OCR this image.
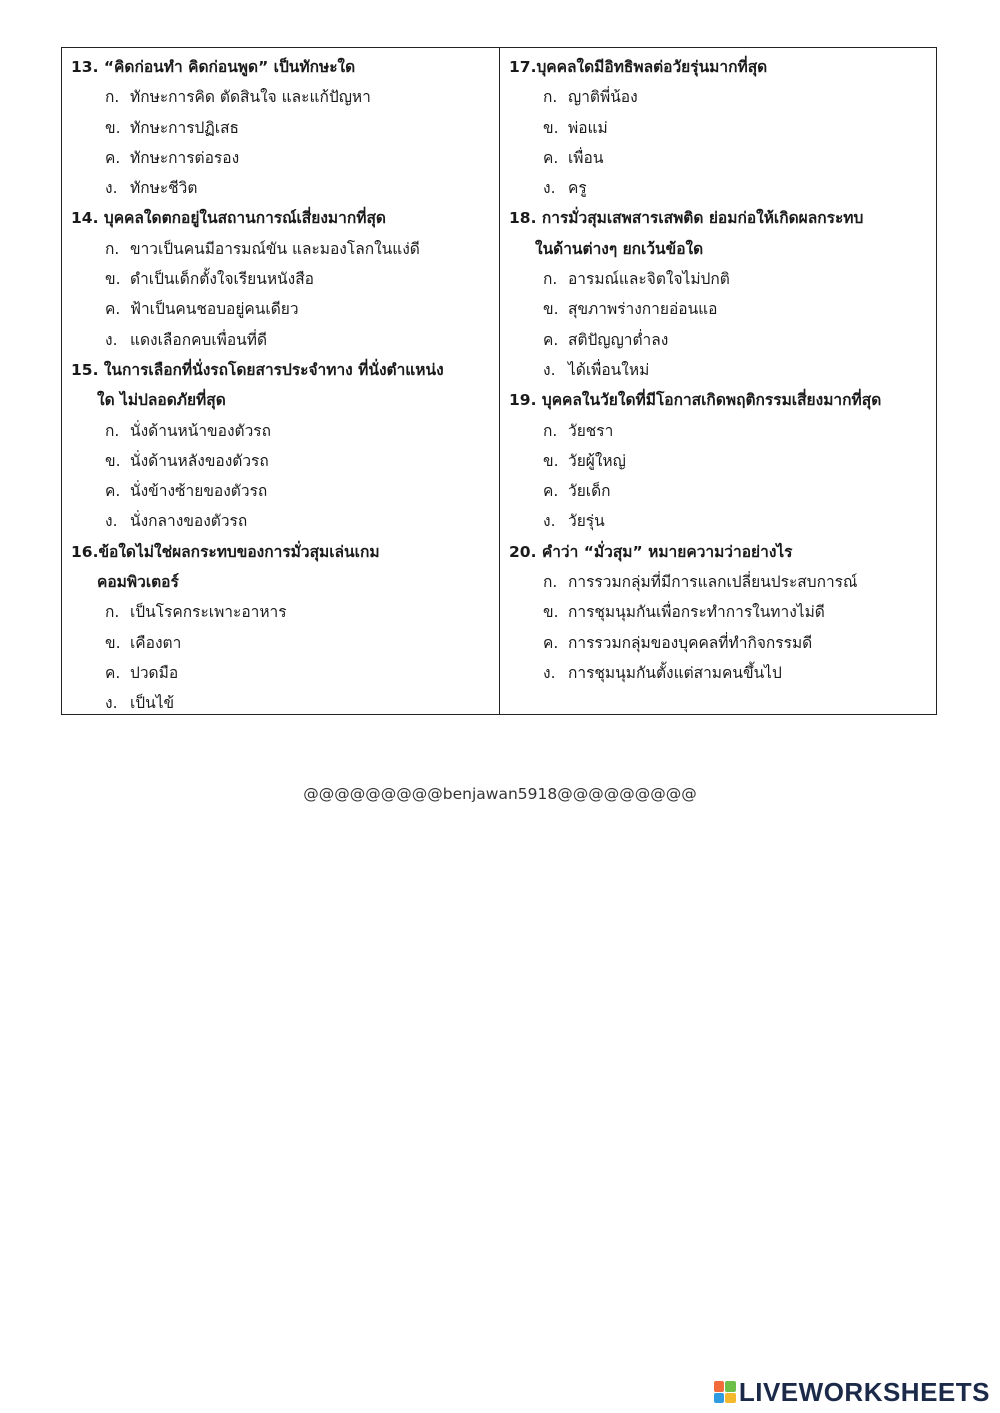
13. “คิดก่อนทำ คิดก่อนพูด” เป็นทักษะใด
ก. ทักษะการคิด ตัดสินใจ และแก้ปัญหา
ข. ทักษะการปฏิเสธ
ค. ทักษะการต่อรอง
ง. ทักษะชีวิต
14. บุคคลใดตกอยู่ในสถานการณ์เสี่ยงมากที่สุด
ก. ขาวเป็นคนมีอารมณ์ขัน และมองโลกในแง่ดี
ข. ดำเป็นเด็กตั้งใจเรียนหนังสือ
ค. ฟ้าเป็นคนชอบอยู่คนเดียว
ง. แดงเลือกคบเพื่อนที่ดี
15. ในการเลือกที่นั่งรถโดยสารประจำทาง ที่นั่งตำแหน่ง
ใด ไม่ปลอดภัยที่สุด
ก. นั่งด้านหน้าของตัวรถ
ข. นั่งด้านหลังของตัวรถ
ค. นั่งข้างซ้ายของตัวรถ
ง. นั่งกลางของตัวรถ
16.ข้อใดไม่ใช่ผลกระทบของการมั่วสุมเล่นเกม
คอมพิวเตอร์
ก. เป็นโรคกระเพาะอาหาร
ข. เคืองตา
ค. ปวดมือ
ง. เป็นไข้
17.บุคคลใดมีอิทธิพลต่อวัยรุ่นมากที่สุด
ก. ญาติพี่น้อง
ข. พ่อแม่
ค. เพื่อน
ง. ครู
18. การมั่วสุมเสพสารเสพติด ย่อมก่อให้เกิดผลกระทบ
ในด้านต่างๆ ยกเว้นข้อใด
ก. อารมณ์และจิตใจไม่ปกติ
ข. สุขภาพร่างกายอ่อนแอ
ค. สติปัญญาต่ำลง
ง. ได้เพื่อนใหม่
19. บุคคลในวัยใดที่มีโอกาสเกิดพฤติกรรมเสี่ยงมากที่สุด
ก. วัยชรา
ข. วัยผู้ใหญ่
ค. วัยเด็ก
ง. วัยรุ่น
20. คำว่า “มั่วสุม” หมายความว่าอย่างไร
ก. การรวมกลุ่มที่มีการแลกเปลี่ยนประสบการณ์
ข. การชุมนุมกันเพื่อกระทำการในทางไม่ดี
ค. การรวมกลุ่มของบุคคลที่ทำกิจกรรมดี
ง. การชุมนุมกันตั้งแต่สามคนขึ้นไป
@@@@@@@@@benjawan5918@@@@@@@@@
LIVEWORKSHEETS
